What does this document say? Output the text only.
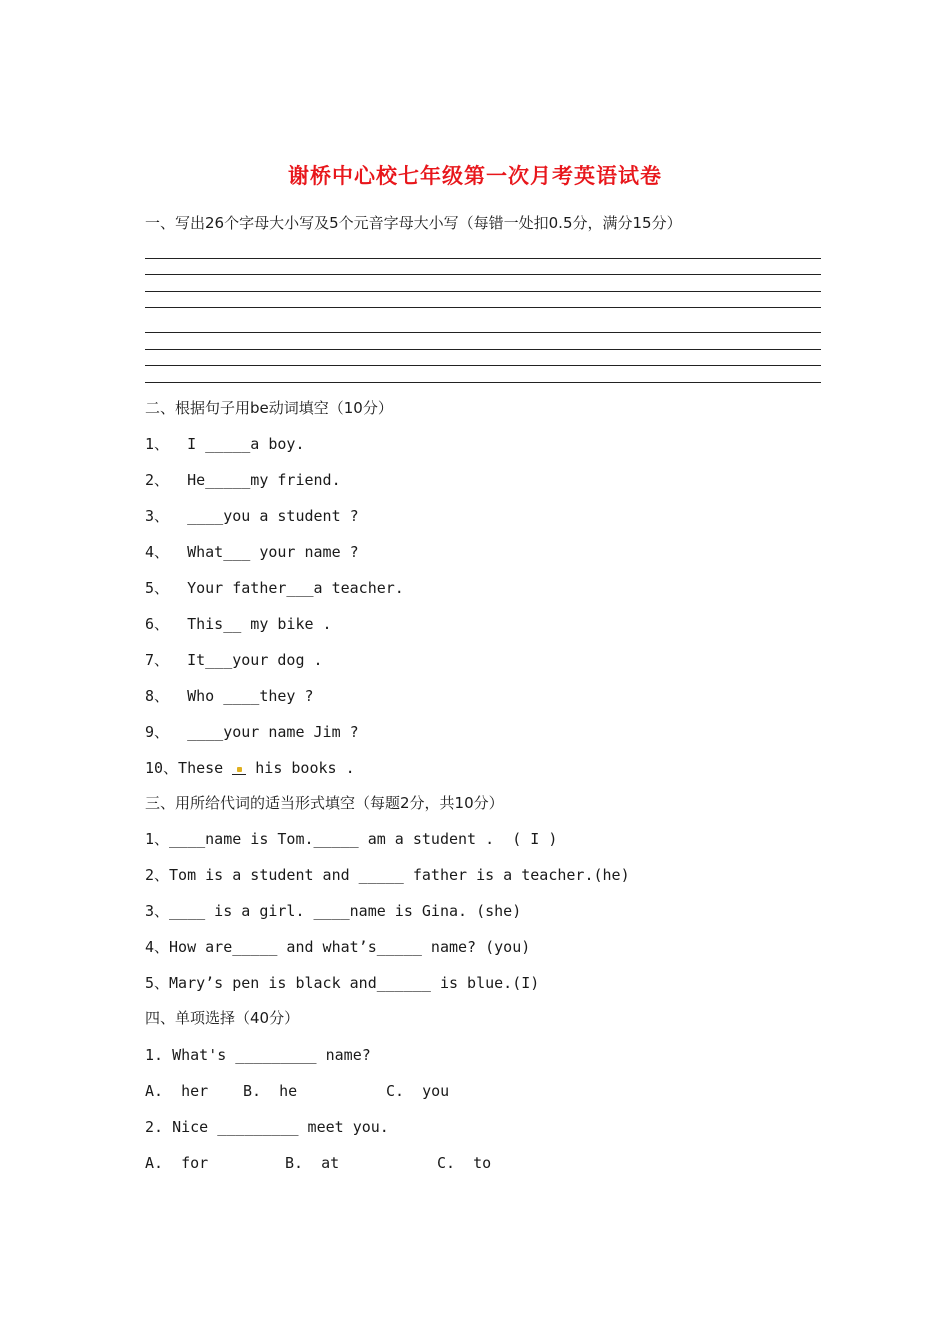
谢桥中心校七年级第一次月考英语试卷
一、写出26个字母大小写及5个元音字母大小写（每错一处扣0.5分，满分15分）
二、根据句子用be动词填空（10分）
1、  I _____a boy.
2、  He_____my friend.
3、  ____you a student ?
4、  What___ your name ?
5、  Your father___a teacher.
6、  This__ my bike .
7、  It___your dog .
8、  Who ____they ?
9、  ____your name Jim ?
10、These his books .
三、用所给代词的适当形式填空（每题2分，共10分）
1、____name is Tom._____ am a student .  ( I )
2、Tom is a student and _____ father is a teacher.(he)
3、____ is a girl. ____name is Gina. (she)
4、How are_____ and what’s_____ name? (you)
5、Mary’s pen is black and______ is blue.(I)
四、单项选择（40分）
1. What's _________ name?
A.  her B.  he	C.  you
2. Nice _________ meet you.
A.  for	B.  at	C.  to
